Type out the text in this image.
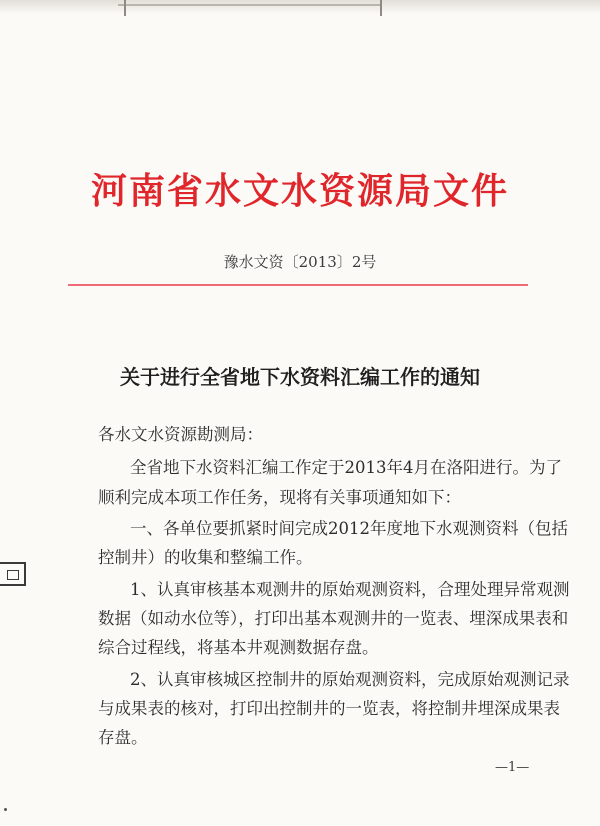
河南省水文水资源局文件
豫水文资〔2013〕2号
关于进行全省地下水资料汇编工作的通知
各水文水资源勘测局：
全省地下水资料汇编工作定于2013年4月在洛阳进行。为了
顺利完成本项工作任务，现将有关事项通知如下：
一、各单位要抓紧时间完成2012年度地下水观测资料（包括
控制井）的收集和整编工作。
1、认真审核基本观测井的原始观测资料，合理处理异常观测
数据（如动水位等），打印出基本观测井的一览表、埋深成果表和
综合过程线，将基本井观测数据存盘。
2、认真审核城区控制井的原始观测资料，完成原始观测记录
与成果表的核对，打印出控制井的一览表，将控制井埋深成果表
存盘。
—1—
